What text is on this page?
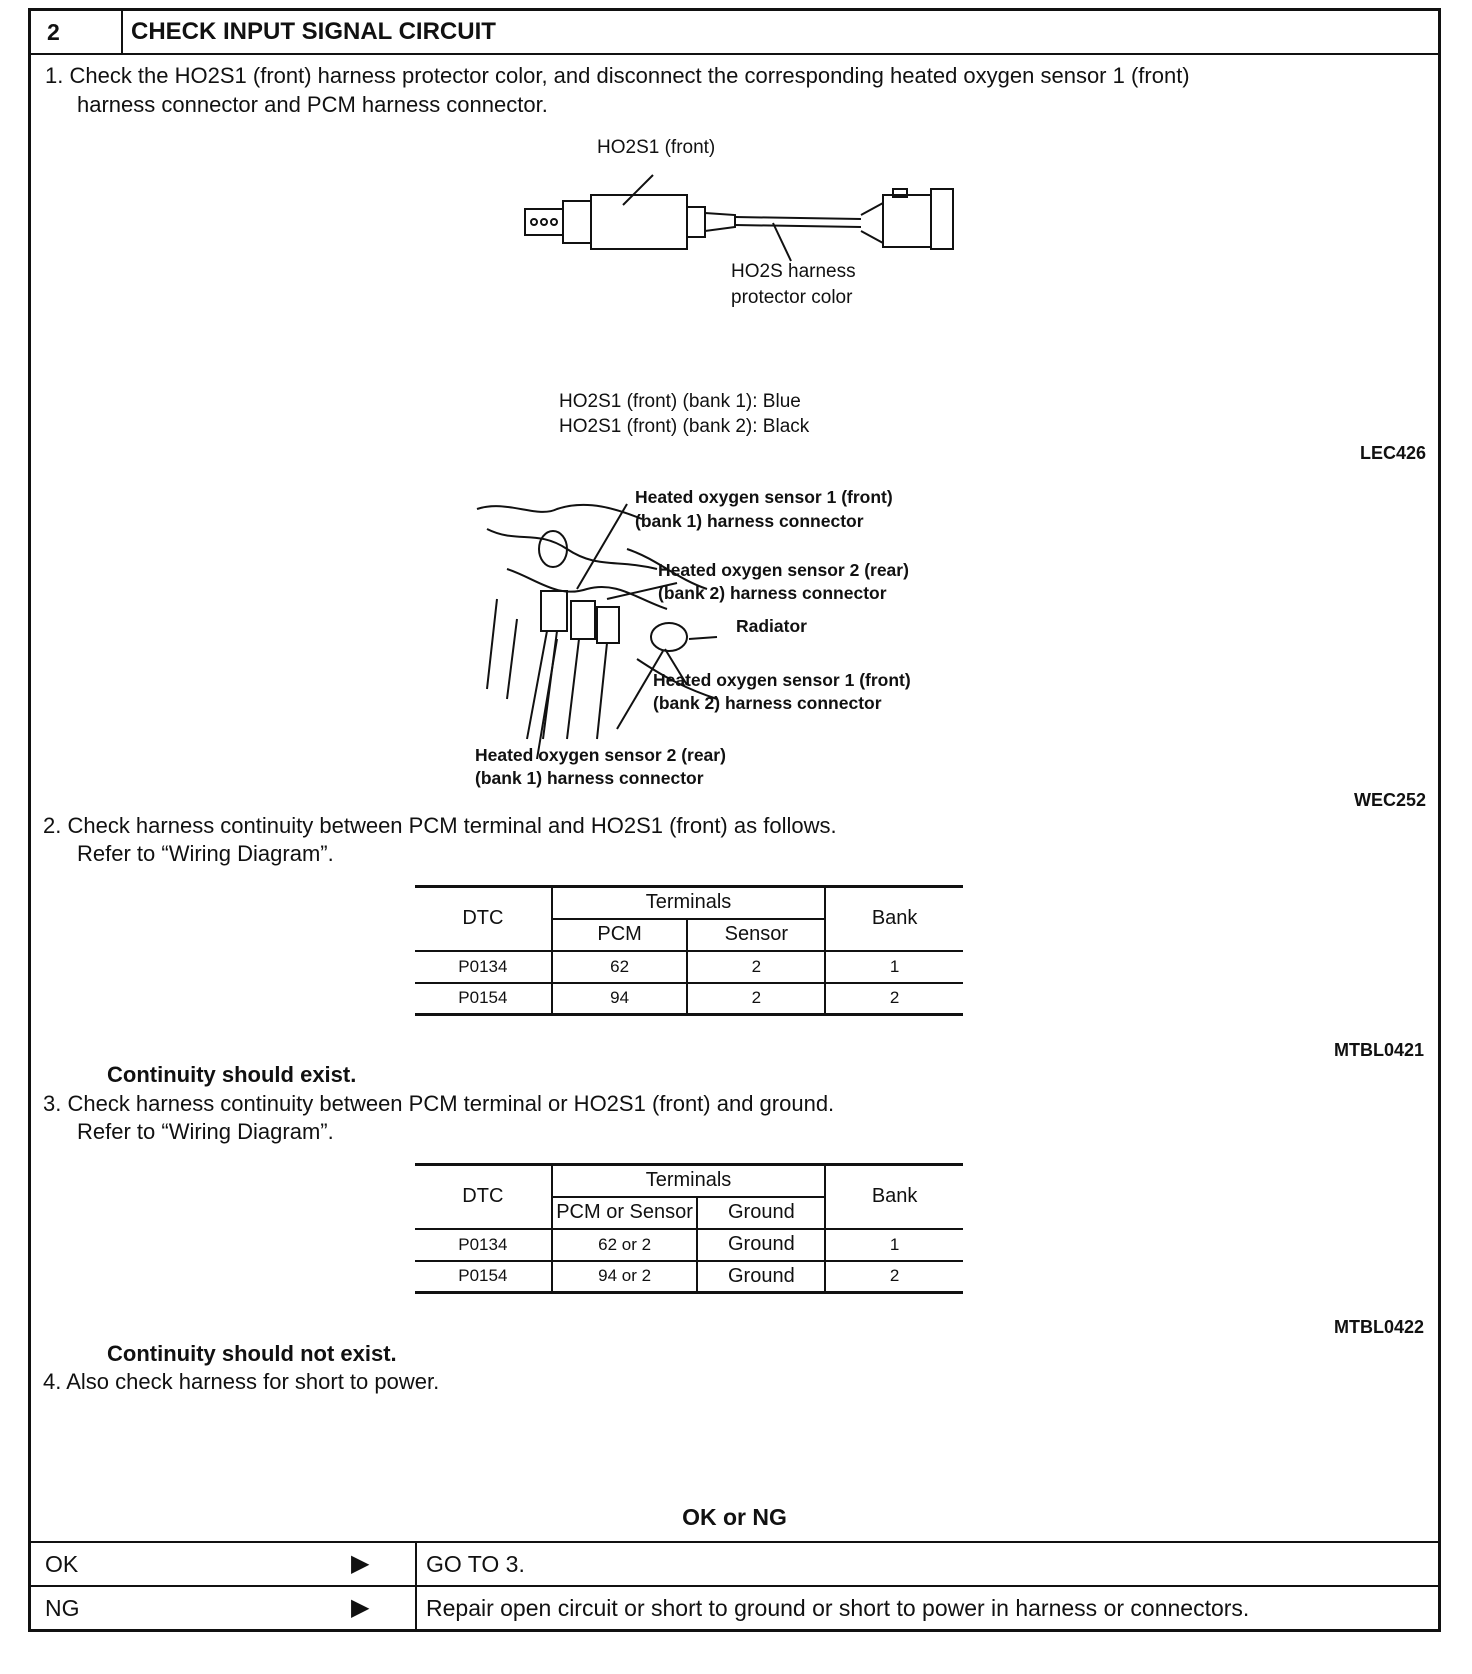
2	CHECK INPUT SIGNAL CIRCUIT
1. Check the HO2S1 (front) harness protector color, and disconnect the corresponding heated oxygen sensor 1 (front)
harness connector and PCM harness connector.
HO2S1 (front)
HO2S harness
protector color
HO2S1 (front) (bank 1): Blue
HO2S1 (front) (bank 2): Black
LEC426
Heated oxygen sensor 1 (front)
(bank 1) harness connector
Heated oxygen sensor 2 (rear)
(bank 2) harness connector
Radiator
Heated oxygen sensor 1 (front)
(bank 2) harness connector
Heated oxygen sensor 2 (rear)
(bank 1) harness connector
WEC252
2. Check harness continuity between PCM terminal and HO2S1 (front) as follows.
Refer to “Wiring Diagram”.
DTC	Terminals		Bank
	PCM	Sensor	
P0134	62	2	1
P0154	94	2	2
MTBL0421
Continuity should exist.
3. Check harness continuity between PCM terminal or HO2S1 (front) and ground.
Refer to “Wiring Diagram”.
DTC	Terminals		Bank
	PCM or Sensor	Ground	
P0134	62 or 2	Ground	1
P0154	94 or 2	Ground	2
MTBL0422
Continuity should not exist.
4. Also check harness for short to power.
OK or NG
OK	▶ GO TO 3.
NG	▶ Repair open circuit or short to ground or short to power in harness or connectors.
